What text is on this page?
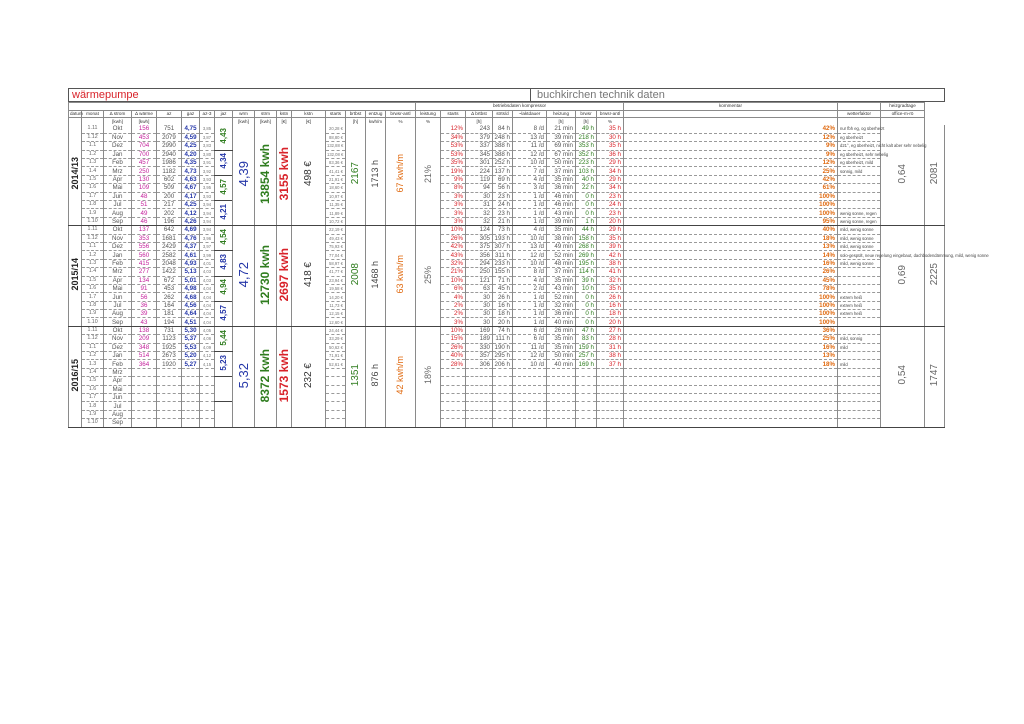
wärmepumpe	buchkirchen technik daten
																betriebsdaten kompressor								kommentar		heizgradtage	
datum	monat	∆ strom	∆ wärme	az	gaz	az-3	jaz	wrm	strm	kstn	kstn	starts	brtbst	entzug	brwsr-antl	leistung	starts	∆ brtbst	strts/d	~laktdauer	heizung	brwsr	brwsr-antl		wetterfaktor	office-m-rö	
		[kwh]	[kwh]					[kwh]	[kwh]	[€]	[€]		[h]	kwh/m	%	%		[h]			[h]	[h]	%				
2014/13	1.11	Okt	156	751	4,75	3,85	4,43	4,39	13854 kwh	3155 kwh	498 €	20,28 €	2167	1713 h	67 kwh/m	21%	12%	243	84 h	8 /d	21 min	49 h	35 h	42%	nur fbh eg, og überheizt	0,64	2081
	1.12	Nov	453	2079	4,59	3,87						88,80 €					34%	379	248 h	13 /d	39 min	218 h	30 h	12%	eg überheizt		
	1.1	Dez	704	2990	4,25	3,83						132,88 €					53%	337	388 h	11 /d	69 min	353 h	35 h	9%	d21°, eg überheizt, nicht kalt aber sehr nebelig		
	1.2	Jan	700	2940	4,20	3,80	4,34					132,08 €					53%	345	388 h	12 /d	67 min	352 h	36 h	9%	eg überheizt, sehr nebelig		
	1.3	Feb	457	1986	4,35	3,91						83,36 €					35%	301	252 h	10 /d	50 min	223 h	29 h	12%	eg überheizt, mild		
	1.4	Mrz	250	1182	4,73	3,92						41,41 €					19%	224	137 h	7 /d	37 min	103 h	34 h	25%	sonnig, mild		
	1.5	Apr	130	602	4,63	3,93	4,57					21,91 €					9%	119	69 h	4 /d	35 min	40 h	29 h	42%			
	1.6	Mai	109	509	4,67	3,95						18,60 €					8%	94	56 h	3 /d	36 min	22 h	34 h	61%			
	1.7	Jun	48	200	4,17	3,93						10,97 €					3%	30	23 h	1 /d	46 min	0 h	23 h	100%			
	1.8	Jul	51	217	4,25	3,94	4,21					11,35 €					3%	31	24 h	1 /d	46 min	0 h	24 h	100%			
	1.9	Aug	49	202	4,12	3,94						11,89 €					3%	32	23 h	1 /d	43 min	0 h	23 h	100%	wenig sonne, regen		
	1.10	Sep	46	196	4,26	3,94						10,72 €					3%	32	21 h	1 /d	39 min	1 h	20 h	95%	wenig sonne, regen		
2015/14	1.11	Okt	137	642	4,69	3,94	4,54	4,72	12730 kwh	2697 kwh	418 €	22,19 €	2008	1468 h	63 kwh/m	25%	10%	124	73 h	4 /d	35 min	44 h	29 h	40%	mild, wenig sonne	0,69	2225
	1.12	Nov	353	1681	4,76	3,96						49,43 €					26%	305	193 h	10 /d	38 min	158 h	35 h	18%	mild, wenig sonne		
	1.1	Dez	556	2429	4,37	3,97						75,93 €					42%	375	307 h	13 /d	49 min	268 h	39 h	13%	mild, wenig sonne		
	1.2	Jan	560	2582	4,61	3,99	4,83					77,04 €					43%	356	311 h	12 /d	52 min	269 h	42 h	14%	solo-gespült, neue regelung eingebaut, dachbodendämmung, mild, wenig sonne		
	1.3	Feb	415	2048	4,93	4,01						58,97 €					32%	294	233 h	10 /d	48 min	195 h	38 h	16%	mild, wenig sonne		
	1.4	Mrz	277	1422	5,13	4,03						41,77 €					21%	250	155 h	8 /d	37 min	114 h	41 h	26%			
	1.5	Apr	134	672	5,01	4,03	4,94					23,94 €					10%	121	71 h	4 /d	35 min	39 h	32 h	45%			
	1.6	Mai	91	453	4,98	4,04						19,58 €					6%	63	45 h	2 /d	43 min	10 h	35 h	78%			
	1.7	Jun	56	262	4,68	4,04						14,20 €					4%	30	26 h	1 /d	52 min	0 h	26 h	100%	extrem heiß		
	1.8	Jul	36	164	4,56	4,04	4,57					11,73 €					2%	30	16 h	1 /d	32 min	0 h	16 h	100%	extrem heiß		
	1.9	Aug	39	181	4,64	4,04						12,15 €					2%	30	18 h	1 /d	36 min	0 h	18 h	100%	extrem heiß		
	1.10	Sep	43	194	4,51	4,04						12,60 €					3%	30	20 h	1 /d	40 min	0 h	20 h	100%			
2016/15	1.11	Okt	138	731	5,30	4,05	5,44	5,32	8372 kwh	1573 kwh	232 €	24,44 €	1351	876 h	42 kwh/m	18%	10%	169	74 h	6 /d	26 min	47 h	27 h	36%		0,54	1747
	1.12	Nov	209	1123	5,37	4,06						33,29 €					15%	189	111 h	6 /d	35 min	83 h	28 h	25%	mild, sonnig		
	1.1	Dez	348	1925	5,53	4,09						50,62 €					26%	330	190 h	11 /d	35 min	159 h	31 h	16%	mild		
	1.2	Jan	514	2673	5,20	4,12	5,23					71,91 €					40%	357	295 h	12 /d	50 min	257 h	38 h	13%			
	1.3	Feb	364	1920	5,27	4,15						52,61 €					28%	306	206 h	10 /d	40 min	169 h	37 h	18%	mild		
	1.4	Mrz																									
	1.5	Apr																									
	1.6	Mai																									
	1.7	Jun																									
	1.8	Jul																									
	1.9	Aug																									
	1.10	Sep																									
